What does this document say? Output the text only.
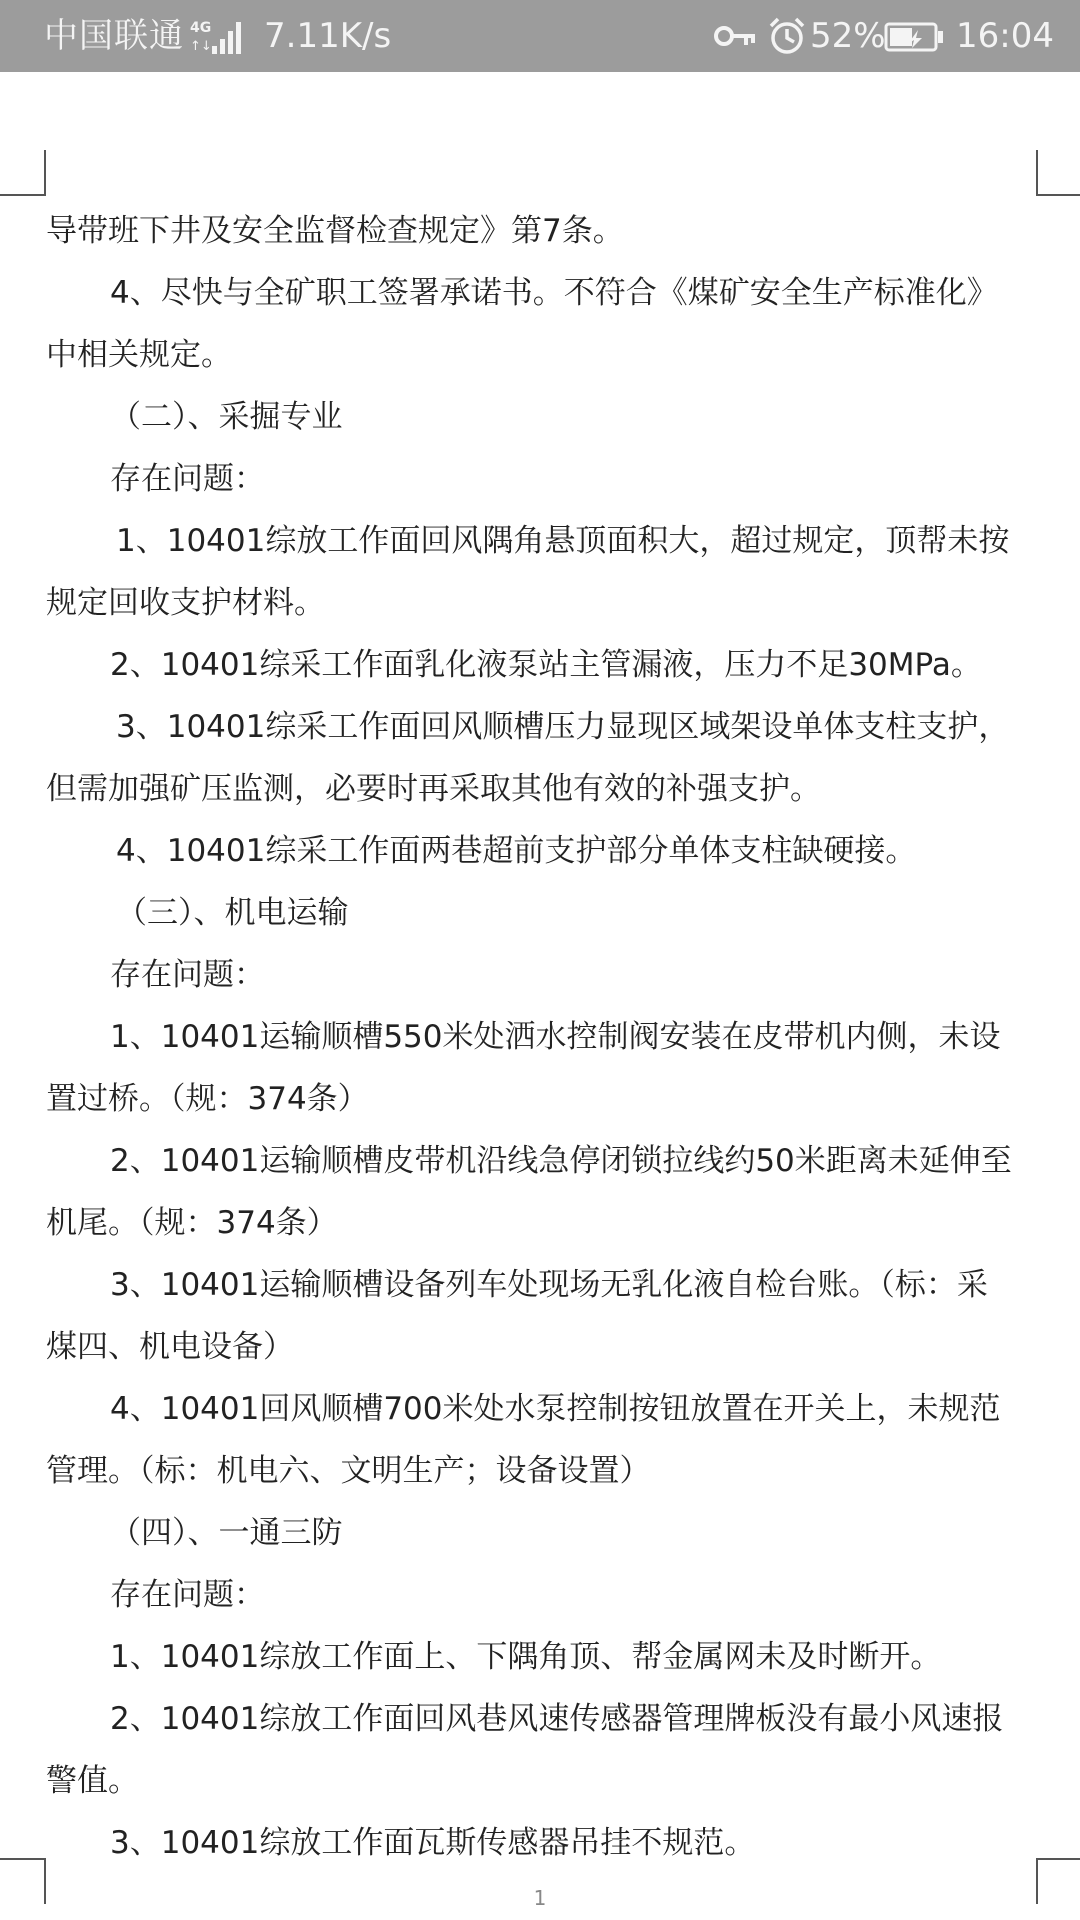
中国联通 4G
↑↓ 7.11K/s	52% 16:04

导带班下井及安全监督检查规定》第7条。

4、尽快与全矿职工签署承诺书。不符合《煤矿安全生产标准化》

中相关规定。

（二）、采掘专业

存在问题：

1、10401综放工作面回风隅角悬顶面积大，超过规定，顶帮未按

规定回收支护材料。

2、10401综采工作面乳化液泵站主管漏液，压力不足30MPa。

3、10401综采工作面回风顺槽压力显现区域架设单体支柱支护，

但需加强矿压监测，必要时再采取其他有效的补强支护。

4、10401综采工作面两巷超前支护部分单体支柱缺硬接。

（三）、机电运输

存在问题：

1、10401运输顺槽550米处洒水控制阀安装在皮带机内侧，未设

置过桥。（规：374条）

2、10401运输顺槽皮带机沿线急停闭锁拉线约50米距离未延伸至

机尾。（规：374条）

3、10401运输顺槽设备列车处现场无乳化液自检台账。（标：采

煤四、机电设备）

4、10401回风顺槽700米处水泵控制按钮放置在开关上，未规范

管理。（标：机电六、文明生产；设备设置）

（四）、一通三防

存在问题：

1、10401综放工作面上、下隅角顶、帮金属网未及时断开。

2、10401综放工作面回风巷风速传感器管理牌板没有最小风速报

警值。

3、10401综放工作面瓦斯传感器吊挂不规范。

1
